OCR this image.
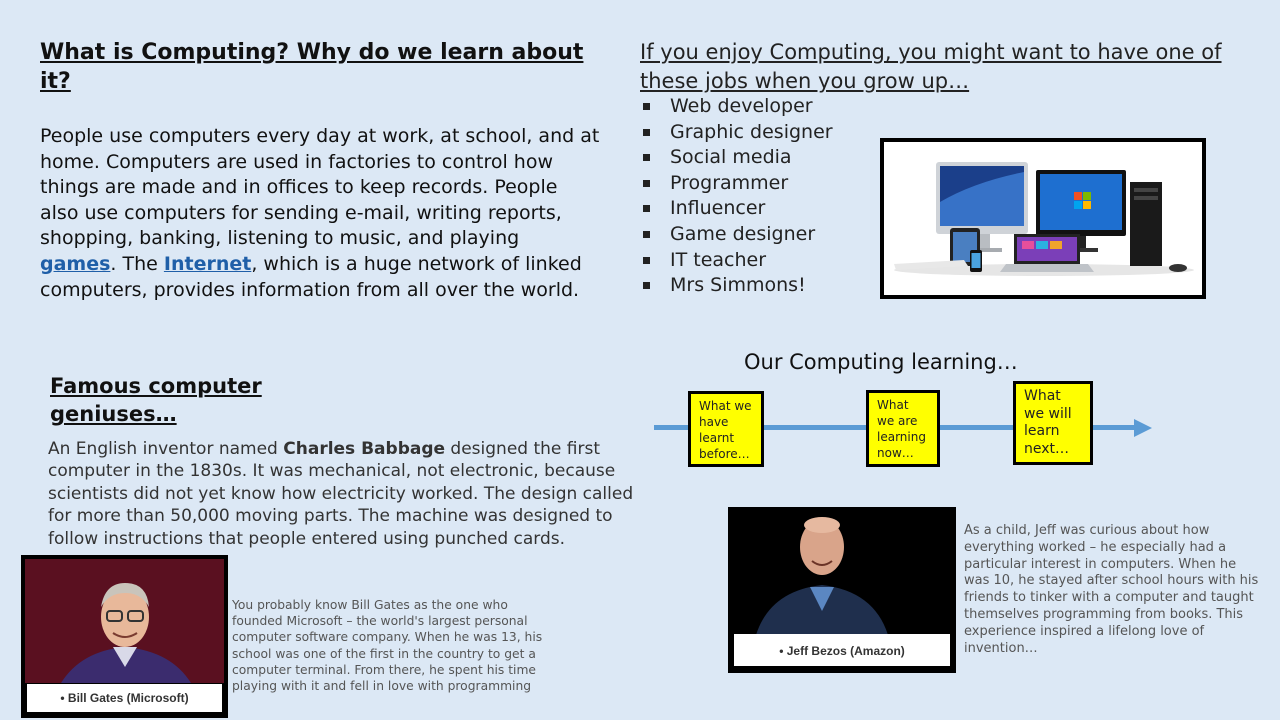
What is Computing? Why do we learn about it?
People use computers every day at work, at school, and at home. Computers are used in factories to control how things are made and in offices to keep records. People also use computers for sending e-mail, writing reports, shopping, banking, listening to music, and playing games. The Internet, which is a huge network of linked computers, provides information from all over the world.
If you enjoy Computing, you might want to have one of these jobs when you grow up…
Web developer
Graphic designer
Social media
Programmer
Influencer
Game designer
IT teacher
Mrs Simmons!
Our Computing learning…
What we have learnt before…
What we are learning now…
What we will learn next…
Famous computer geniuses…
An English inventor named Charles Babbage designed the first computer in the 1830s. It was mechanical, not electronic, because scientists did not yet know how electricity worked. The design called for more than 50,000 moving parts. The machine was designed to follow instructions that people entered using punched cards.
• Bill Gates (Microsoft)
You probably know Bill Gates as the one who founded Microsoft – the world's largest personal computer software company. When he was 13, his school was one of the first in the country to get a computer terminal. From there, he spent his time playing with it and fell in love with programming
• Jeff Bezos (Amazon)
As a child, Jeff was curious about how everything worked – he especially had a particular interest in computers. When he was 10, he stayed after school hours with his friends to tinker with a computer and taught themselves programming from books. This experience inspired a lifelong love of invention…
